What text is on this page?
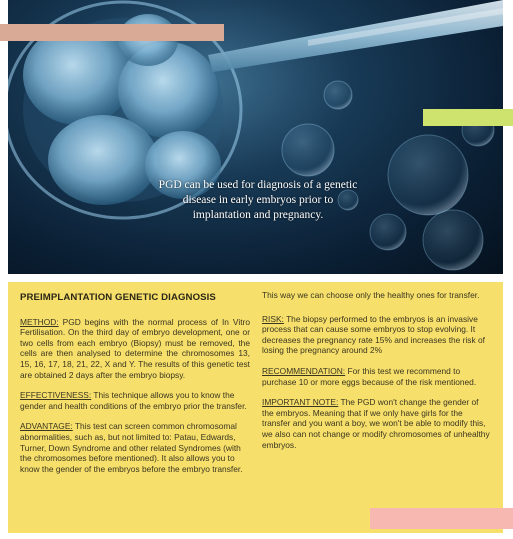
PGD can be used for diagnosis of a genetic disease in early embryos prior to implantation and pregnancy.
PREIMPLANTATION GENETIC DIAGNOSIS

METHOD: PGD begins with the normal process of In Vitro Fertilisation. On the third day of embryo development, one or two cells from each embryo (Biopsy) must be removed, the cells are then analysed to determine the chromosomes 13, 15, 16, 17, 18, 21, 22, X and Y. The results of this genetic test are obtained 2 days after the embryo biopsy.

EFFECTIVENESS: This technique allows you to know the gender and health conditions of the embryo prior the transfer.

ADVANTAGE: This test can screen common chromosomal abnormalities, such as, but not limited to: Patau, Edwards, Turner, Down Syndrome and other related Syndromes (with the chromosomes before mentioned). It also allows you to know the gender of the embryos before the embryo transfer.

This way we can choose only the healthy ones for transfer.

RISK: The biopsy performed to the embryos is an invasive process that can cause some embryos to stop evolving. It decreases the pregnancy rate 15% and increases the risk of losing the pregnancy around 2%

RECOMMENDATION: For this test we recommend to purchase 10 or more eggs because of the risk mentioned.

IMPORTANT NOTE: The PGD won't change the gender of the embryos. Meaning that if we only have girls for the transfer and you want a boy, we won't be able to modify this, we also can not change or modify chromosomes of unhealthy embryos.
